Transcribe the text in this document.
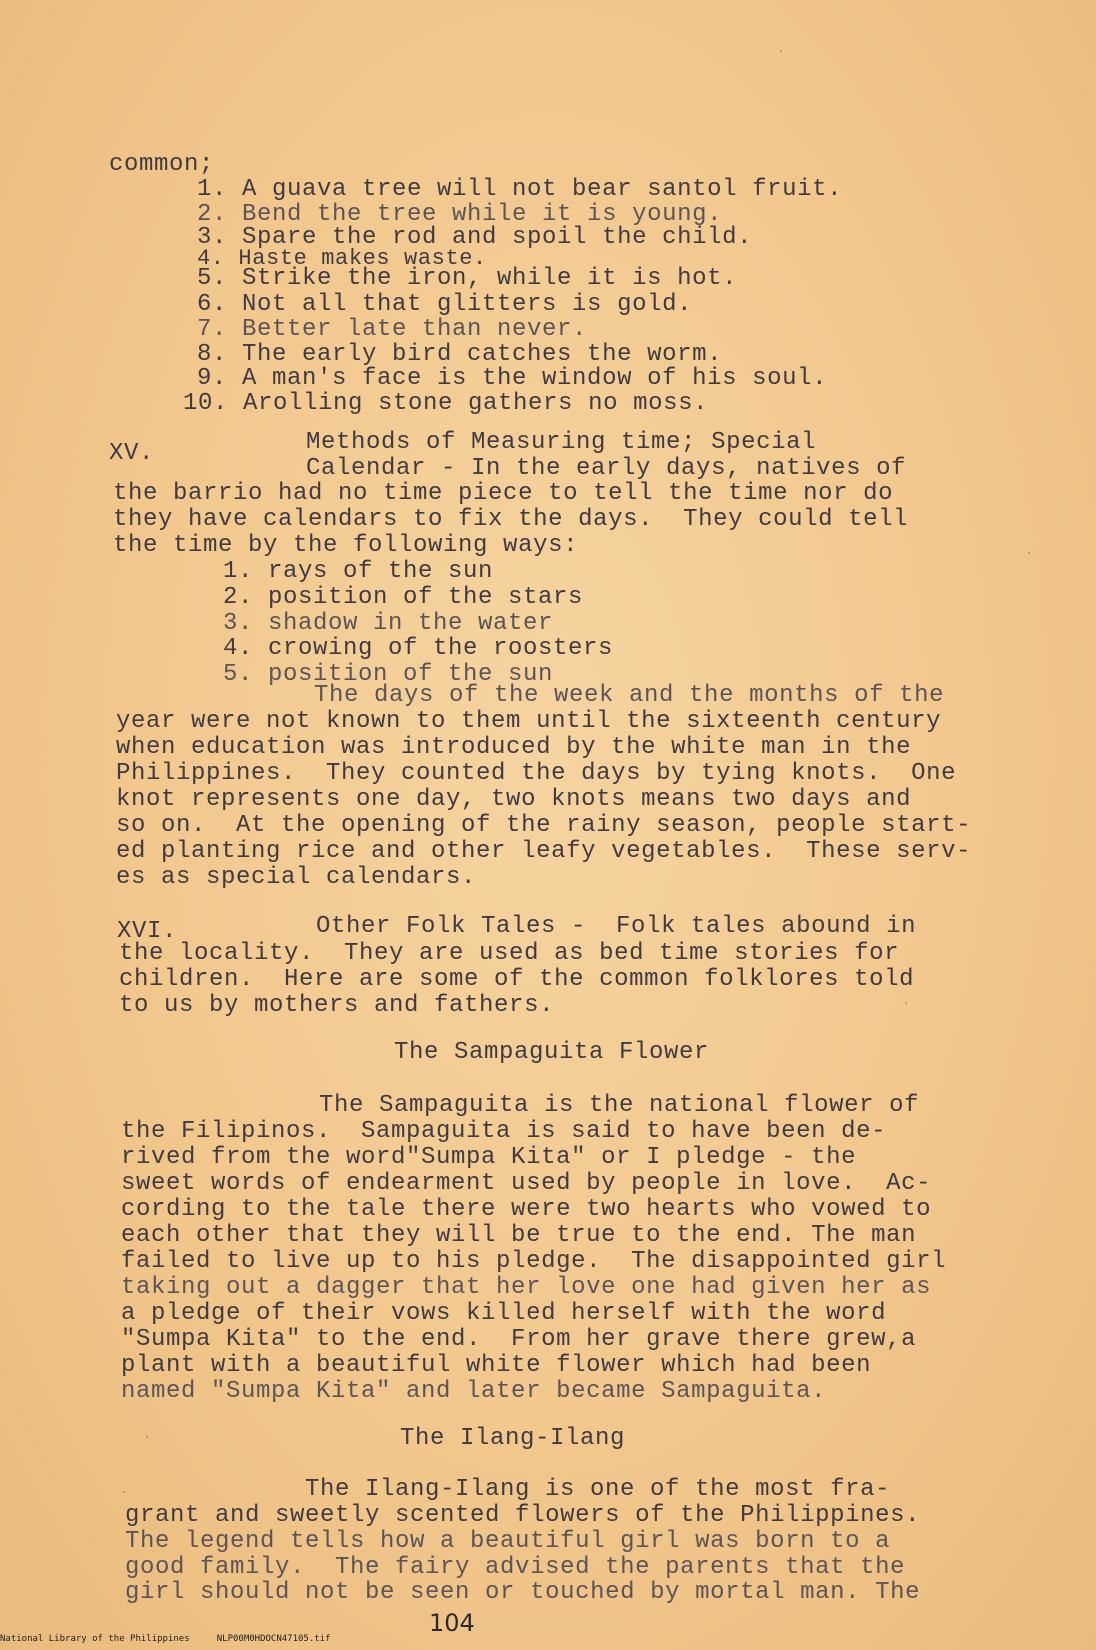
common;
1. A guava tree will not bear santol fruit.
2. Bend the tree while it is young.
3. Spare the rod and spoil the child.
4. Haste makes waste.
5. Strike the iron, while it is hot.
6. Not all that glitters is gold.
7. Better late than never.
8. The early bird catches the worm.
9. A man's face is the window of his soul.
10. Arolling stone gathers no moss.
XV.	Methods of Measuring time; Special
Calendar - In the early days, natives of
the barrio had no time piece to tell the time nor do
they have calendars to fix the days.  They could tell
the time by the following ways:
1. rays of the sun
2. position of the stars
3. shadow in the water
4. crowing of the roosters
5. position of the sun
The days of the week and the months of the
year were not known to them until the sixteenth century
when education was introduced by the white man in the
Philippines.  They counted the days by tying knots.  One
knot represents one day, two knots means two days and
so on.  At the opening of the rainy season, people start-
ed planting rice and other leafy vegetables.  These serv-
es as special calendars.
XVI.	Other Folk Tales -  Folk tales abound in
the locality.  They are used as bed time stories for
children.  Here are some of the common folklores told
to us by mothers and fathers.
The Sampaguita Flower
The Sampaguita is the national flower of
the Filipinos.  Sampaguita is said to have been de-
rived from the word"Sumpa Kita" or I pledge - the
sweet words of endearment used by people in love.  Ac-
cording to the tale there were two hearts who vowed to
each other that they will be true to the end. The man
failed to live up to his pledge.  The disappointed girl
taking out a dagger that her love one had given her as
a pledge of their vows killed herself with the word
"Sumpa Kita" to the end.  From her grave there grew,a
plant with a beautiful white flower which had been
named "Sumpa Kita" and later became Sampaguita.
The Ilang-Ilang
The Ilang-Ilang is one of the most fra-
grant and sweetly scented flowers of the Philippines.
The legend tells how a beautiful girl was born to a
good family.  The fairy advised the parents that the
girl should not be seen or touched by mortal man. The
104
National Library of the Philippines     NLP00M0HDOCN47105.tif
